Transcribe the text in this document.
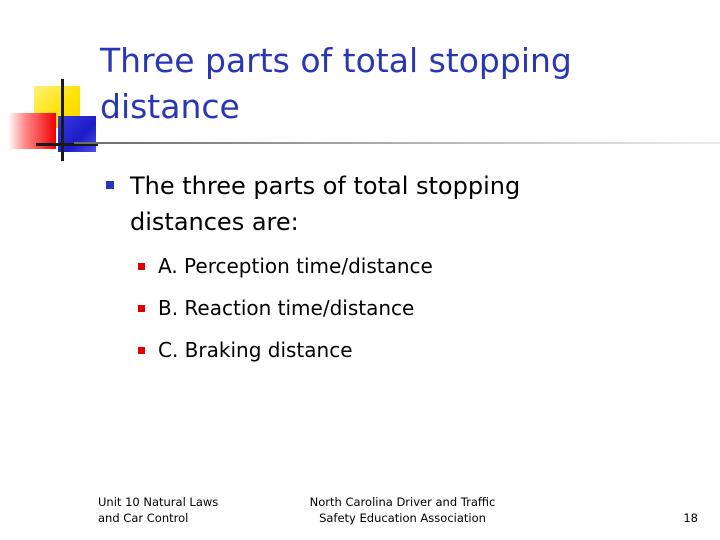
Three parts of total stopping
distance
The three parts of total stopping
distances are:
A. Perception time/distance
B. Reaction time/distance
C. Braking distance
Unit 10 Natural Laws
and Car Control
North Carolina Driver and Traffic
Safety Education Association	18
